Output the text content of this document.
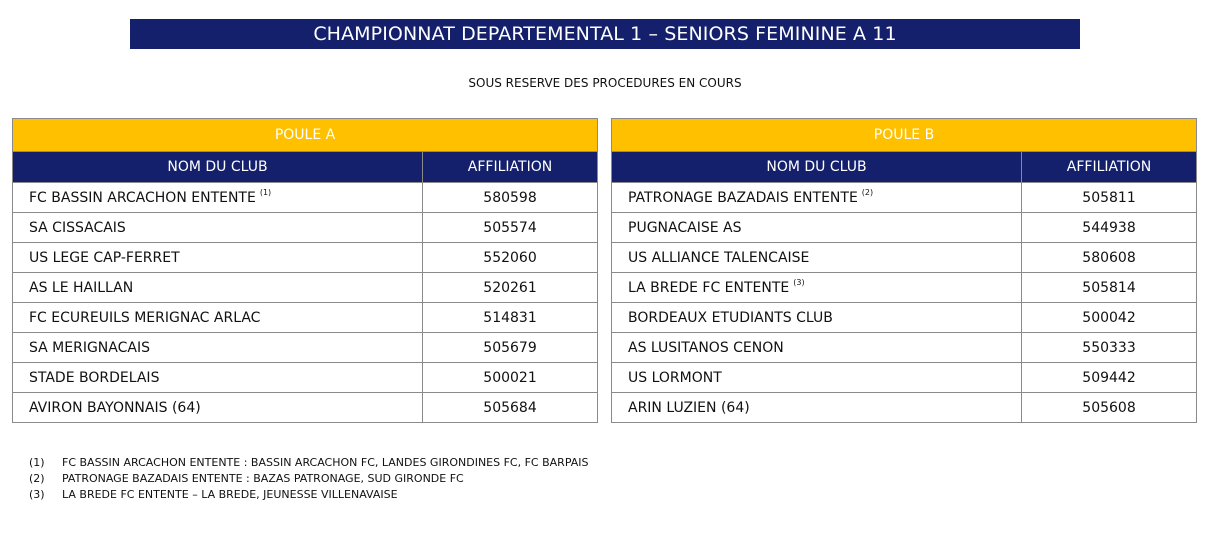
CHAMPIONNAT DEPARTEMENTAL 1 – SENIORS FEMININE A 11
SOUS RESERVE DES PROCEDURES EN COURS
POULE A	
NOM DU CLUB	AFFILIATION
FC BASSIN ARCACHON ENTENTE $^{(1)}$	580598
SA CISSACAIS	505574
US LEGE CAP-FERRET	552060
AS LE HAILLAN	520261
FC ECUREUILS MERIGNAC ARLAC	514831
SA MERIGNACAIS	505679
STADE BORDELAIS	500021
AVIRON BAYONNAIS (64)	505684
POULE B	
NOM DU CLUB	AFFILIATION
PATRONAGE BAZADAIS ENTENTE $^{(2)}$	505811
PUGNACAISE AS	544938
US ALLIANCE TALENCAISE	580608
LA BREDE FC ENTENTE $^{(3)}$	505814
BORDEAUX ETUDIANTS CLUB	500042
AS LUSITANOS CENON	550333
US LORMONT	509442
ARIN LUZIEN (64)	505608
(1) FC BASSIN ARCACHON ENTENTE : BASSIN ARCACHON FC, LANDES GIRONDINES FC, FC BARPAIS
(2) PATRONAGE BAZADAIS ENTENTE : BAZAS PATRONAGE, SUD GIRONDE FC
(3) LA BREDE FC ENTENTE – LA BREDE, JEUNESSE VILLENAVAISE
